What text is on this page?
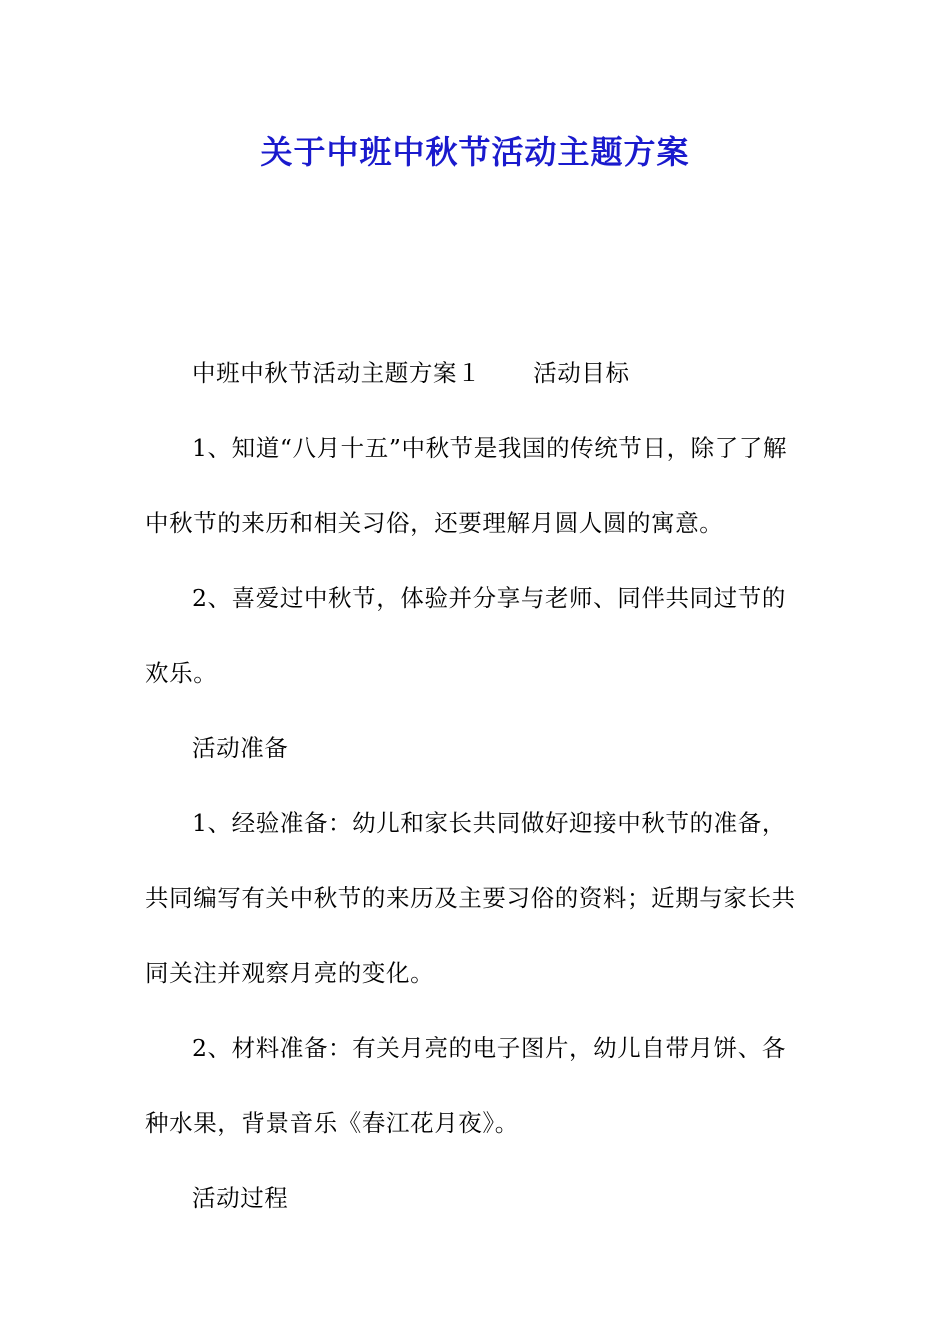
关于中班中秋节活动主题方案

中班中秋节活动主题方案１ 活动目标

1、知道“八月十五”中秋节是我国的传统节日，除了了解中秋节的来历和相关习俗，还要理解月圆人圆的寓意。

2、喜爱过中秋节，体验并分享与老师、同伴共同过节的欢乐。

活动准备

1、经验准备：幼儿和家长共同做好迎接中秋节的准备，共同编写有关中秋节的来历及主要习俗的资料；近期与家长共同关注并观察月亮的变化。

2、材料准备：有关月亮的电子图片，幼儿自带月饼、各种水果，背景音乐《春江花月夜》。

活动过程
